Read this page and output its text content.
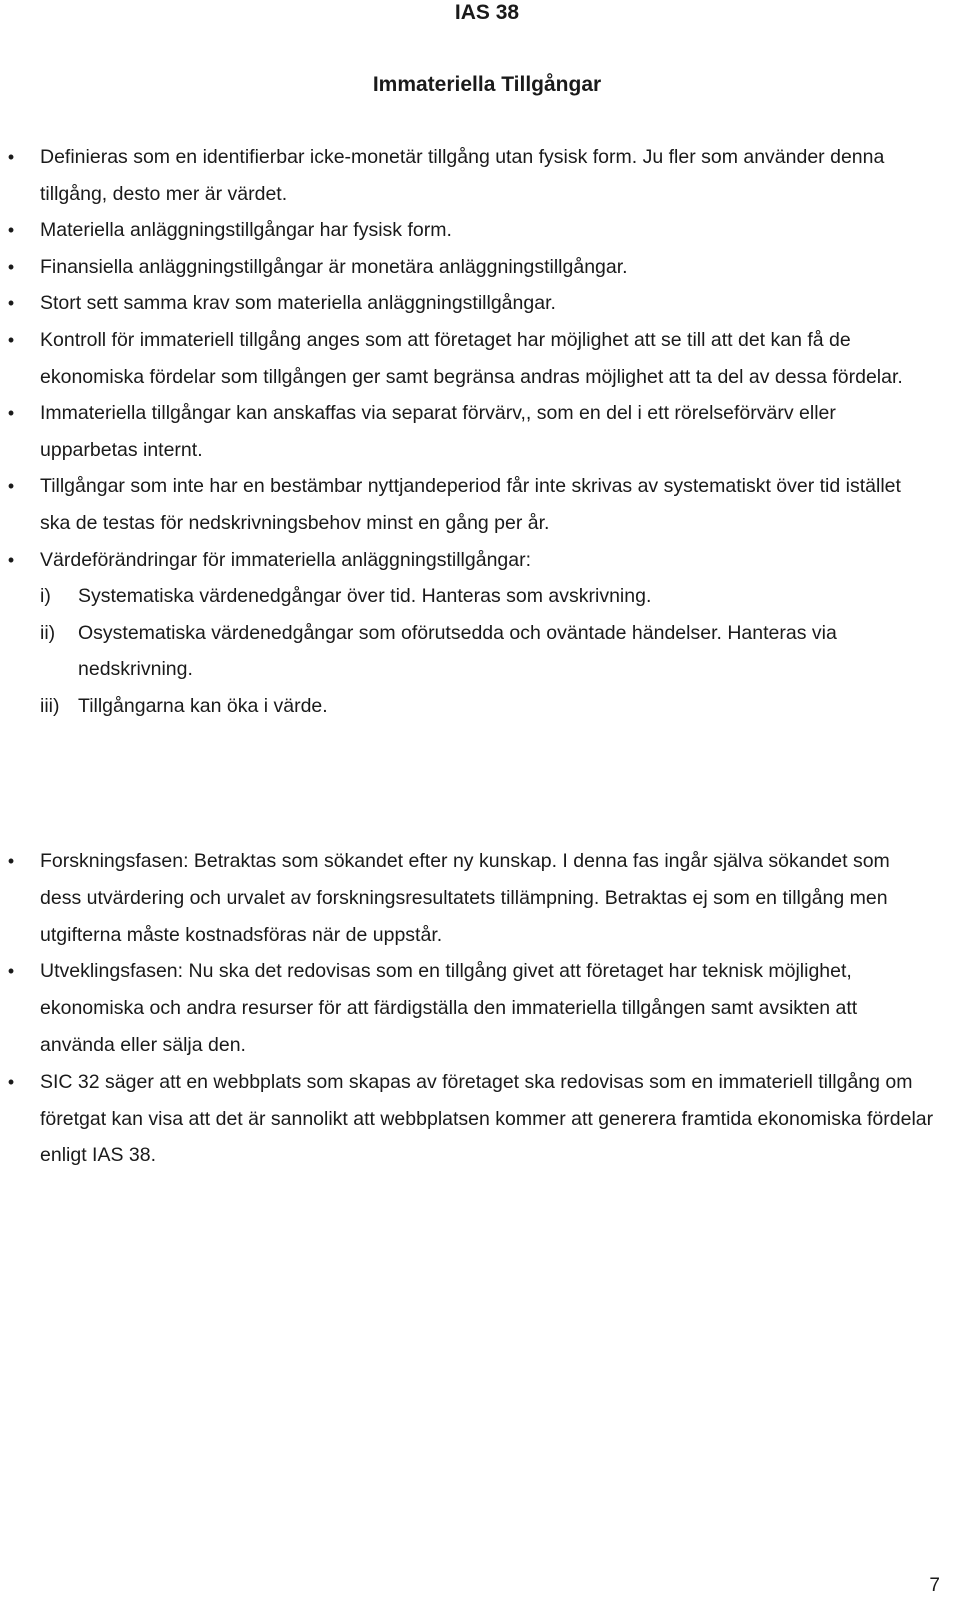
IAS 38
Immateriella Tillgångar
• Definieras som en identifierbar icke-monetär tillgång utan fysisk form. Ju fler som använder denna tillgång, desto mer är värdet.
• Materiella anläggningstillgångar har fysisk form.
• Finansiella anläggningstillgångar är monetära anläggningstillgångar.
• Stort sett samma krav som materiella anläggningstillgångar.
• Kontroll för immateriell tillgång anges som att företaget har möjlighet att se till att det kan få de ekonomiska fördelar som tillgången ger samt begränsa andras möjlighet att ta del av dessa fördelar.
• Immateriella tillgångar kan anskaffas via separat förvärv,, som en del i ett rörelseförvärv eller upparbetas internt.
• Tillgångar som inte har en bestämbar nyttjandeperiod får inte skrivas av systematiskt över tid istället ska de testas för nedskrivningsbehov minst en gång per år.
• Värdeförändringar för immateriella anläggningstillgångar:
i) Systematiska värdenedgångar över tid. Hanteras som avskrivning.
ii) Osystematiska värdenedgångar som oförutsedda och oväntade händelser. Hanteras via nedskrivning.
iii) Tillgångarna kan öka i värde.
• Forskningsfasen: Betraktas som sökandet efter ny kunskap. I denna fas ingår själva sökandet som dess utvärdering och urvalet av forskningsresultatets tillämpning. Betraktas ej som en tillgång men utgifterna måste kostnadsföras när de uppstår.
• Utveklingsfasen: Nu ska det redovisas som en tillgång givet att företaget har teknisk möjlighet, ekonomiska och andra resurser för att färdigställa den immateriella tillgången samt avsikten att använda eller sälja den.
• SIC 32 säger att en webbplats som skapas av företaget ska redovisas som en immateriell tillgång om företgat kan visa att det är sannolikt att webbplatsen kommer att generera framtida ekonomiska fördelar enligt IAS 38.
7
